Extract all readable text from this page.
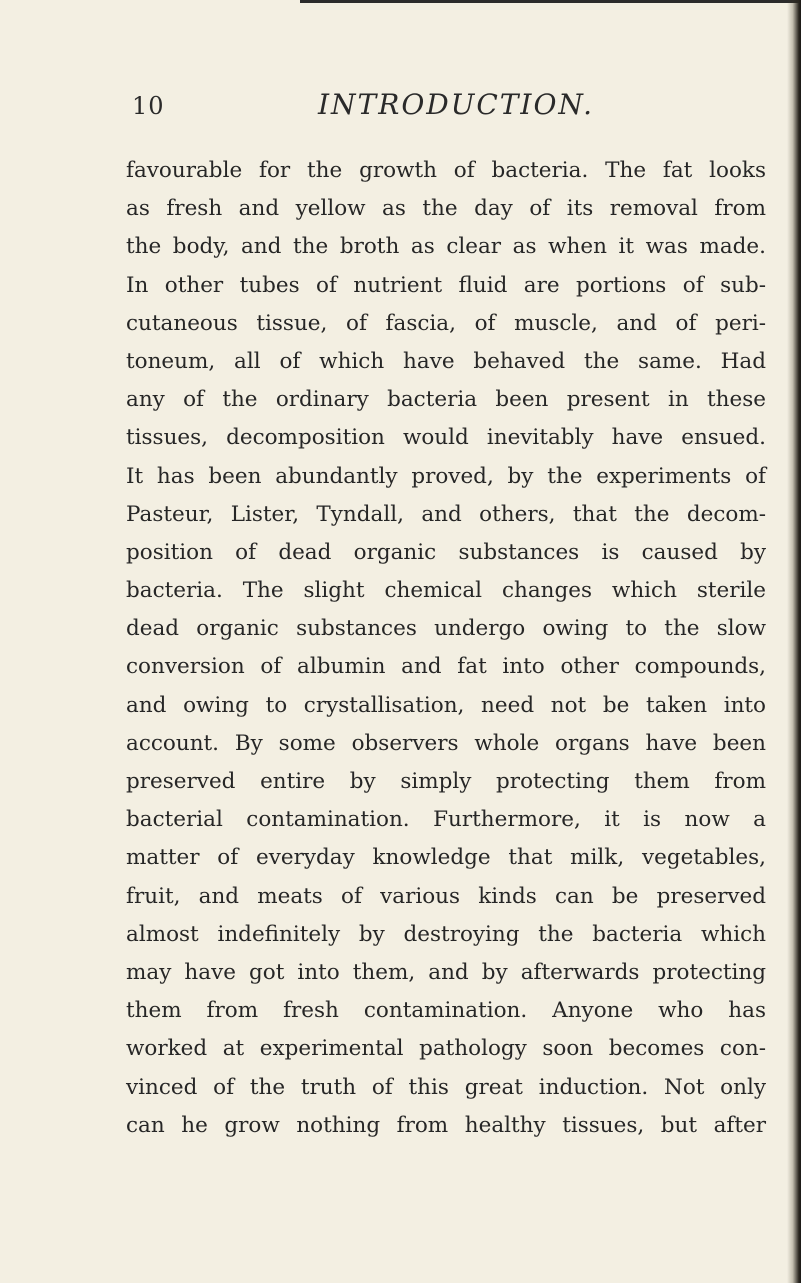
10	INTRODUCTION.
favourable for the growth of bacteria. The fat looks
as fresh and yellow as the day of its removal from
the body, and the broth as clear as when it was made.
In other tubes of nutrient fluid are portions of sub-
cutaneous tissue, of fascia, of muscle, and of peri-
toneum, all of which have behaved the same. Had
any of the ordinary bacteria been present in these
tissues, decomposition would inevitably have ensued.
It has been abundantly proved, by the experiments of
Pasteur, Lister, Tyndall, and others, that the decom-
position of dead organic substances is caused by
bacteria. The slight chemical changes which sterile
dead organic substances undergo owing to the slow
conversion of albumin and fat into other compounds,
and owing to crystallisation, need not be taken into
account. By some observers whole organs have been
preserved entire by simply protecting them from
bacterial contamination. Furthermore, it is now a
matter of everyday knowledge that milk, vegetables,
fruit, and meats of various kinds can be preserved
almost indefinitely by destroying the bacteria which
may have got into them, and by afterwards protecting
them from fresh contamination. Anyone who has
worked at experimental pathology soon becomes con-
vinced of the truth of this great induction. Not only
can he grow nothing from healthy tissues, but after
